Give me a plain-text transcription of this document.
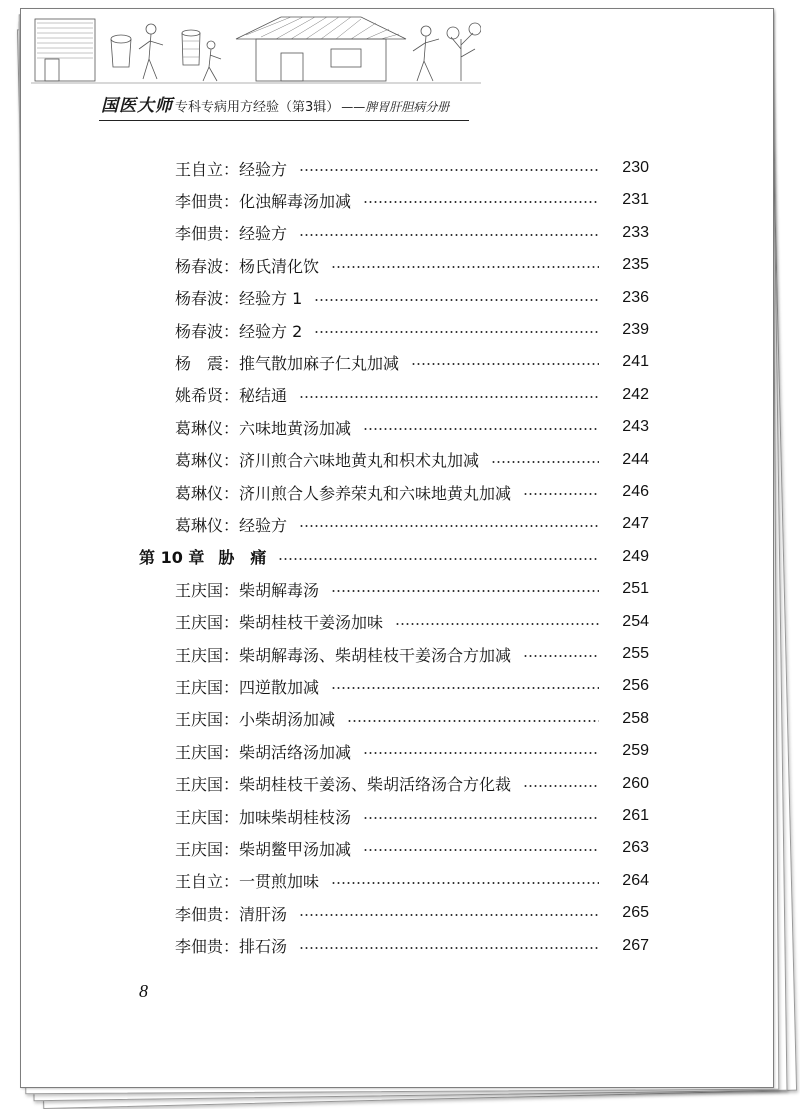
国医大师 专科专病用方经验（第3辑） ——脾胃肝胆病分册
王自立 ： 经验方	230
李佃贵 ： 化浊解毒汤加减	231
李佃贵 ： 经验方	233
杨春波 ： 杨氏清化饮	235
杨春波 ： 经验方 1	236
杨春波 ： 经验方 2	239
杨　震 ： 推气散加麻子仁丸加减	241
姚希贤 ： 秘结通	242
葛琳仪 ： 六味地黄汤加减	243
葛琳仪 ： 济川煎合六味地黄丸和枳术丸加减	244
葛琳仪 ： 济川煎合人参养荣丸和六味地黄丸加减	246
葛琳仪 ： 经验方	247
第 10 章 胁　痛	249
王庆国 ： 柴胡解毒汤	251
王庆国 ： 柴胡桂枝干姜汤加味	254
王庆国 ： 柴胡解毒汤、柴胡桂枝干姜汤合方加减	255
王庆国 ： 四逆散加减	256
王庆国 ： 小柴胡汤加减	258
王庆国 ： 柴胡活络汤加减	259
王庆国 ： 柴胡桂枝干姜汤、柴胡活络汤合方化裁	260
王庆国 ： 加味柴胡桂枝汤	261
王庆国 ： 柴胡鳖甲汤加减	263
王自立 ： 一贯煎加味	264
李佃贵 ： 清肝汤	265
李佃贵 ： 排石汤	267
8
